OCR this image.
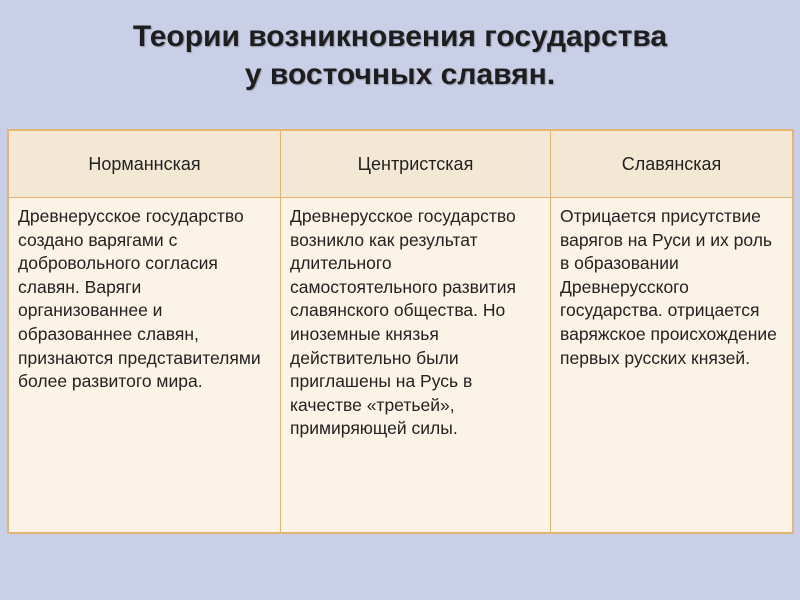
Теории возникновения государства
у восточных славян.
Норманнская	Центристская	Славянская
Древнерусское государство создано варягами с добровольного согласия славян. Варяги организованнее и образованнее славян, признаются представителями более развитого мира.	Древнерусское государство возникло как результат длительного самостоятельного развития славянского общества. Но иноземные князья действительно были приглашены на Русь в качестве «третьей», примиряющей силы.	Отрицается присутствие варягов на Руси и их роль в образовании Древнерусского государства. отрицается варяжское происхождение первых русских князей.
